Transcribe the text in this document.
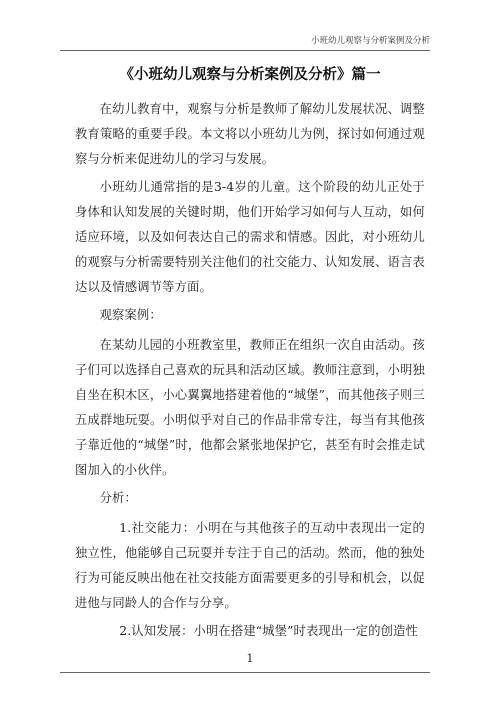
小班幼儿观察与分析案例及分析
《小班幼儿观察与分析案例及分析》篇一

在幼儿教育中，观察与分析是教师了解幼儿发展状况、调整教育策略的重要手段。本文将以小班幼儿为例，探讨如何通过观察与分析来促进幼儿的学习与发展。

小班幼儿通常指的是3-4岁的儿童。这个阶段的幼儿正处于身体和认知发展的关键时期，他们开始学习如何与人互动，如何适应环境，以及如何表达自己的需求和情感。因此，对小班幼儿的观察与分析需要特别关注他们的社交能力、认知发展、语言表达以及情感调节等方面。

观察案例：

在某幼儿园的小班教室里，教师正在组织一次自由活动。孩子们可以选择自己喜欢的玩具和活动区域。教师注意到，小明独自坐在积木区，小心翼翼地搭建着他的“城堡”，而其他孩子则三五成群地玩耍。小明似乎对自己的作品非常专注，每当有其他孩子靠近他的“城堡”时，他都会紧张地保护它，甚至有时会推走试图加入的小伙伴。

分析：

1.社交能力：小明在与其他孩子的互动中表现出一定的独立性，他能够自己玩耍并专注于自己的活动。然而，他的独处行为可能反映出他在社交技能方面需要更多的引导和机会，以促进他与同龄人的合作与分享。

2.认知发展：小明在搭建“城堡”时表现出一定的创造性

1
